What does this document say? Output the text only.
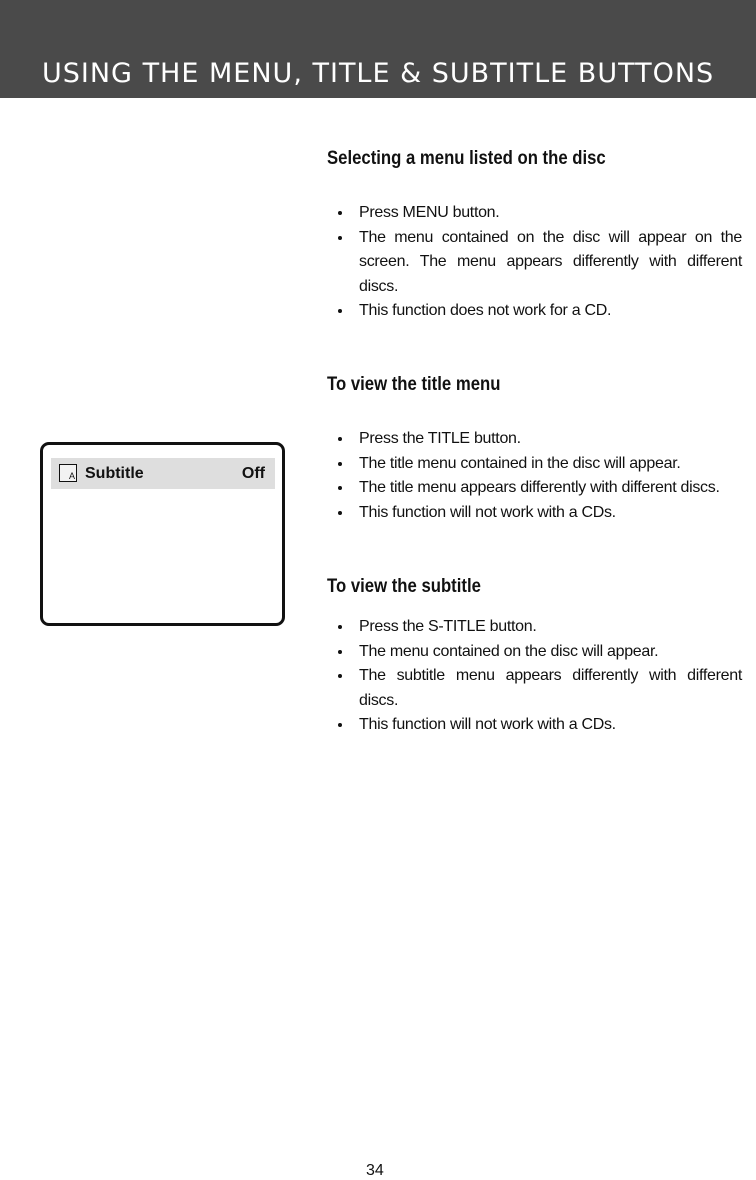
USING THE MENU, TITLE & SUBTITLE BUTTONS
Selecting a menu listed on the disc
Press MENU button.
The menu contained on the disc will appear on the screen. The menu appears differently with different discs.
This function does not work for a CD.
To view the title menu
Press the TITLE button.
The title menu contained in the disc will appear.
The title menu appears differently with different discs.
This function will not work with a CDs.
To view the subtitle
Press the S-TITLE button.
The menu contained on the disc will appear.
The subtitle menu appears differently with different discs.
This function will not work with a CDs.
A Subtitle	Off
34
